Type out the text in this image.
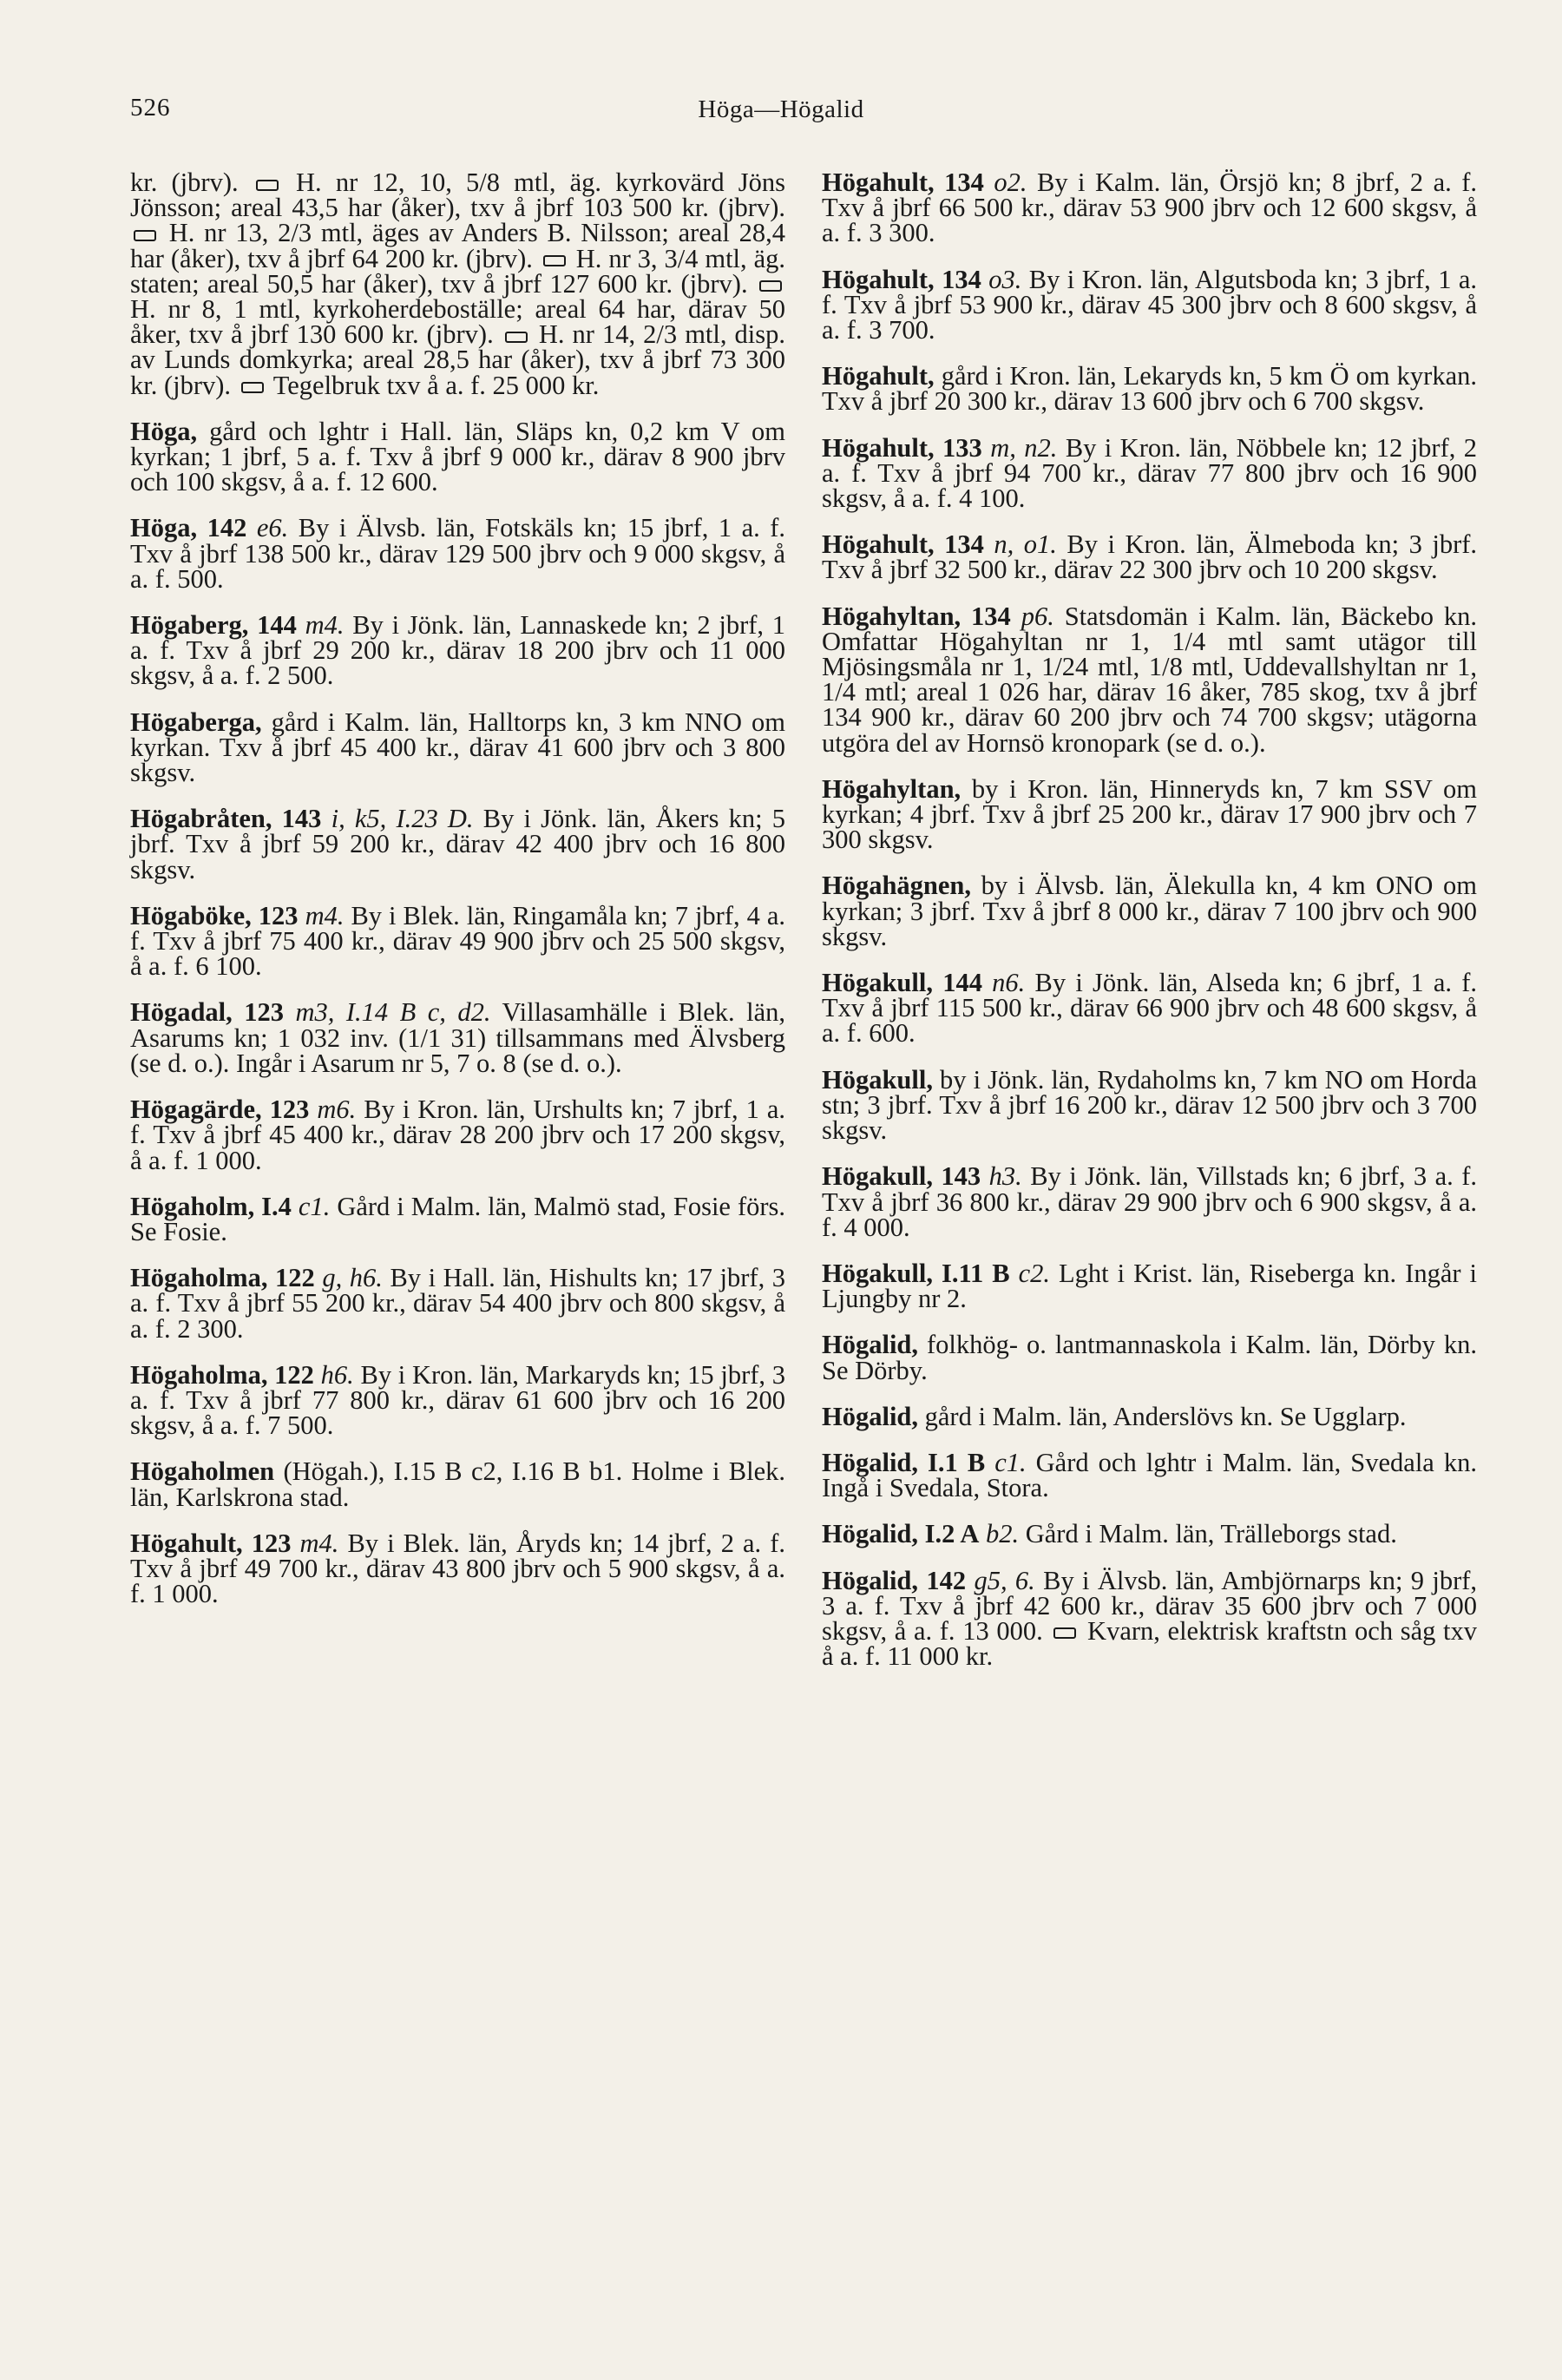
526	Höga—Högalid

kr. (jbrv). H. nr 12, 10, 5/8 mtl, äg. kyrkovärd Jöns Jönsson; areal 43,5 har (åker), txv å jbrf 103 500 kr. (jbrv).  H. nr 13, 2/3 mtl, äges av Anders B. Nilsson; areal 28,4 har (åker), txv å jbrf 64 200 kr. (jbrv). H. nr 3, 3/4 mtl, äg. staten; areal 50,5 har (åker), txv å jbrf 127 600 kr. (jbrv).  H. nr 8, 1 mtl, kyrkoherdeboställe; areal 64 har, därav 50 åker, txv å jbrf 130 600 kr. (jbrv). H. nr 14, 2/3 mtl, disp. av Lunds domkyrka; areal 28,5 har (åker), txv å jbrf 73 300 kr. (jbrv). Tegelbruk txv å a. f. 25 000 kr.

Höga, gård och lghtr i Hall. län, Släps kn, 0,2 km V om kyrkan; 1 jbrf, 5 a. f. Txv å jbrf 9 000 kr., därav 8 900 jbrv och 100 skgsv, å a. f. 12 600.

Höga, 142 e6. By i Älvsb. län, Fotskäls kn; 15 jbrf, 1 a. f. Txv å jbrf 138 500 kr., därav 129 500 jbrv och 9 000 skgsv, å a. f. 500.

Högaberg, 144 m4. By i Jönk. län, Lannaskede kn; 2 jbrf, 1 a. f. Txv å jbrf 29 200 kr., därav 18 200 jbrv och 11 000 skgsv, å a. f. 2 500.

Högaberga, gård i Kalm. län, Halltorps kn, 3 km NNO om kyrkan. Txv å jbrf 45 400 kr., därav 41 600 jbrv och 3 800 skgsv.

Högabråten, 143 i, k5, I.23 D. By i Jönk. län, Åkers kn; 5 jbrf. Txv å jbrf 59 200 kr., därav 42 400 jbrv och 16 800 skgsv.

Högaböke, 123 m4. By i Blek. län, Ringamåla kn; 7 jbrf, 4 a. f. Txv å jbrf 75 400 kr., därav 49 900 jbrv och 25 500 skgsv, å a. f. 6 100.

Högadal, 123 m3, I.14 B c, d2. Villasamhälle i Blek. län, Asarums kn; 1 032 inv. (1/1 31) tillsammans med Älvsberg (se d. o.). Ingår i Asarum nr 5, 7 o. 8 (se d. o.).

Högagärde, 123 m6. By i Kron. län, Urshults kn; 7 jbrf, 1 a. f. Txv å jbrf 45 400 kr., därav 28 200 jbrv och 17 200 skgsv, å a. f. 1 000.

Högaholm, I.4 c1. Gård i Malm. län, Malmö stad, Fosie förs. Se Fosie.

Högaholma, 122 g, h6. By i Hall. län, Hishults kn; 17 jbrf, 3 a. f. Txv å jbrf 55 200 kr., därav 54 400 jbrv och 800 skgsv, å a. f. 2 300.

Högaholma, 122 h6. By i Kron. län, Markaryds kn; 15 jbrf, 3 a. f. Txv å jbrf 77 800 kr., därav 61 600 jbrv och 16 200 skgsv, å a. f. 7 500.

Högaholmen (Högah.), I.15 B c2, I.16 B b1. Holme i Blek. län, Karlskrona stad.

Högahult, 123 m4. By i Blek. län, Åryds kn; 14 jbrf, 2 a. f. Txv å jbrf 49 700 kr., därav 43 800 jbrv och 5 900 skgsv, å a. f. 1 000.

Högahult, 134 o2. By i Kalm. län, Örsjö kn; 8 jbrf, 2 a. f. Txv å jbrf 66 500 kr., därav 53 900 jbrv och 12 600 skgsv, å a. f. 3 300.

Högahult, 134 o3. By i Kron. län, Algutsboda kn; 3 jbrf, 1 a. f. Txv å jbrf 53 900 kr., därav 45 300 jbrv och 8 600 skgsv, å a. f. 3 700.

Högahult, gård i Kron. län, Lekaryds kn, 5 km Ö om kyrkan. Txv å jbrf 20 300 kr., därav 13 600 jbrv och 6 700 skgsv.

Högahult, 133 m, n2. By i Kron. län, Nöbbele kn; 12 jbrf, 2 a. f. Txv å jbrf 94 700 kr., därav 77 800 jbrv och 16 900 skgsv, å a. f. 4 100.

Högahult, 134 n, o1. By i Kron. län, Älmeboda kn; 3 jbrf. Txv å jbrf 32 500 kr., därav 22 300 jbrv och 10 200 skgsv.

Högahyltan, 134 p6. Statsdomän i Kalm. län, Bäckebo kn. Omfattar Högahyltan nr 1, 1/4 mtl samt utägor till Mjösingsmåla nr 1, 1/24 mtl, 1/8 mtl, Uddevallshyltan nr 1, 1/4 mtl; areal 1 026 har, därav 16 åker, 785 skog, txv å jbrf 134 900 kr., därav 60 200 jbrv och 74 700 skgsv; utägorna utgöra del av Hornsö kronopark (se d. o.).

Högahyltan, by i Kron. län, Hinneryds kn, 7 km SSV om kyrkan; 4 jbrf. Txv å jbrf 25 200 kr., därav 17 900 jbrv och 7 300 skgsv.

Högahägnen, by i Älvsb. län, Älekulla kn, 4 km ONO om kyrkan; 3 jbrf. Txv å jbrf 8 000 kr., därav 7 100 jbrv och 900 skgsv.

Högakull, 144 n6. By i Jönk. län, Alseda kn; 6 jbrf, 1 a. f. Txv å jbrf 115 500 kr., därav 66 900 jbrv och 48 600 skgsv, å a. f. 600.

Högakull, by i Jönk. län, Rydaholms kn, 7 km NO om Horda stn; 3 jbrf. Txv å jbrf 16 200 kr., därav 12 500 jbrv och 3 700 skgsv.

Högakull, 143 h3. By i Jönk. län, Villstads kn; 6 jbrf, 3 a. f. Txv å jbrf 36 800 kr., därav 29 900 jbrv och 6 900 skgsv, å a. f. 4 000.

Högakull, I.11 B c2. Lght i Krist. län, Riseberga kn. Ingår i Ljungby nr 2.

Högalid, folkhög- o. lantmannaskola i Kalm. län, Dörby kn. Se Dörby.

Högalid, gård i Malm. län, Anderslövs kn. Se Ugglarp.

Högalid, I.1 B c1. Gård och lghtr i Malm. län, Svedala kn. Ingå i Svedala, Stora.

Högalid, I.2 A b2. Gård i Malm. län, Trälleborgs stad.

Högalid, 142 g5, 6. By i Älvsb. län, Ambjörnarps kn; 9 jbrf, 3 a. f. Txv å jbrf 42 600 kr., därav 35 600 jbrv och 7 000 skgsv, å a. f. 13 000. Kvarn, elektrisk kraftstn och såg txv å a. f. 11 000 kr.
